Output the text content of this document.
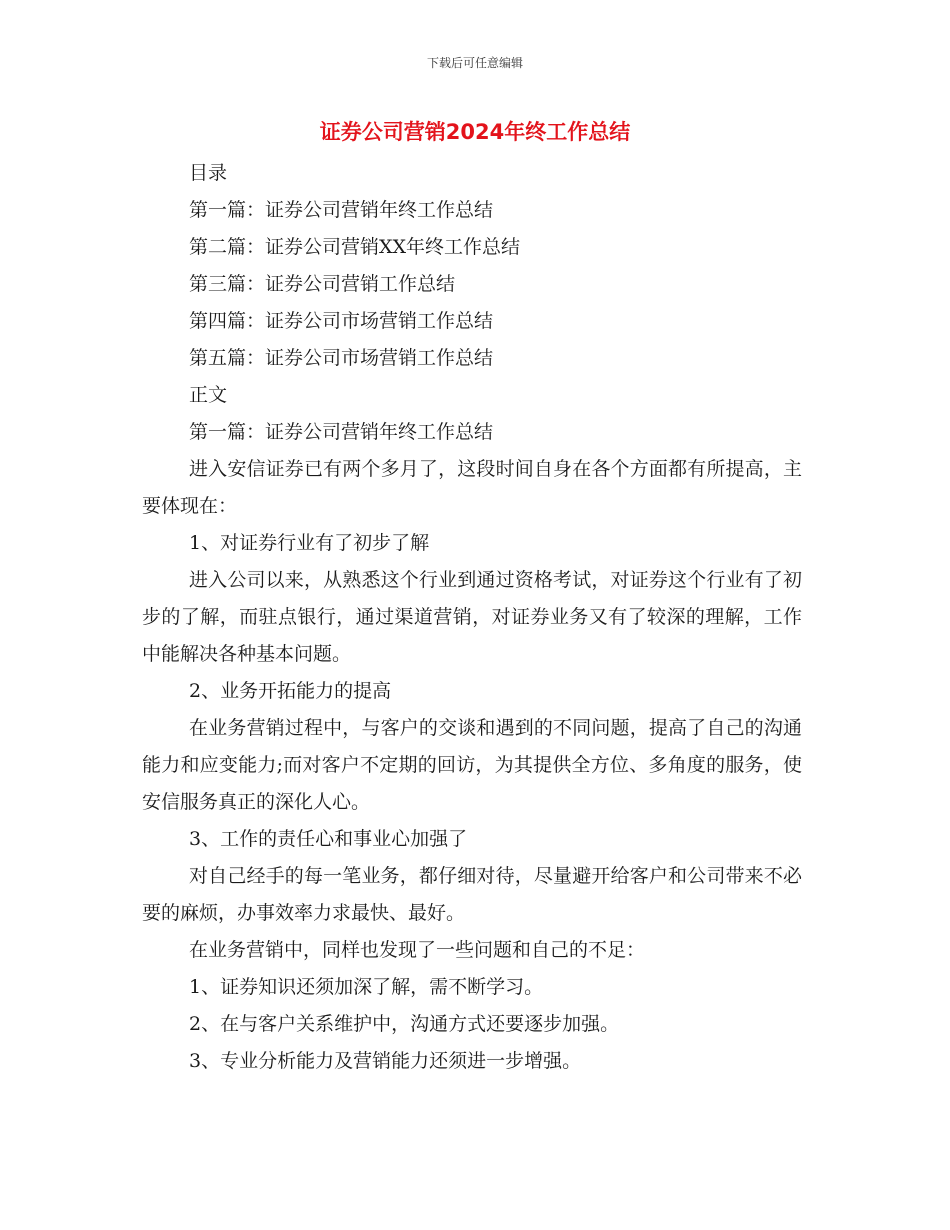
下载后可任意编辑
证券公司营销2024年终工作总结

目录

第一篇：证券公司营销年终工作总结

第二篇：证券公司营销XX年终工作总结

第三篇：证券公司营销工作总结

第四篇：证券公司市场营销工作总结

第五篇：证券公司市场营销工作总结

正文

第一篇：证券公司营销年终工作总结

进入安信证券已有两个多月了，这段时间自身在各个方面都有所提高，主要体现在：

1、对证券行业有了初步了解

进入公司以来，从熟悉这个行业到通过资格考试，对证券这个行业有了初步的了解，而驻点银行，通过渠道营销，对证券业务又有了较深的理解，工作中能解决各种基本问题。

2、业务开拓能力的提高

在业务营销过程中，与客户的交谈和遇到的不同问题，提高了自己的沟通能力和应变能力;而对客户不定期的回访，为其提供全方位、多角度的服务，使安信服务真正的深化人心。

3、工作的责任心和事业心加强了

对自己经手的每一笔业务，都仔细对待，尽量避开给客户和公司带来不必要的麻烦，办事效率力求最快、最好。

在业务营销中，同样也发现了一些问题和自己的不足：

1、证券知识还须加深了解，需不断学习。

2、在与客户关系维护中，沟通方式还要逐步加强。

3、专业分析能力及营销能力还须进一步增强。
